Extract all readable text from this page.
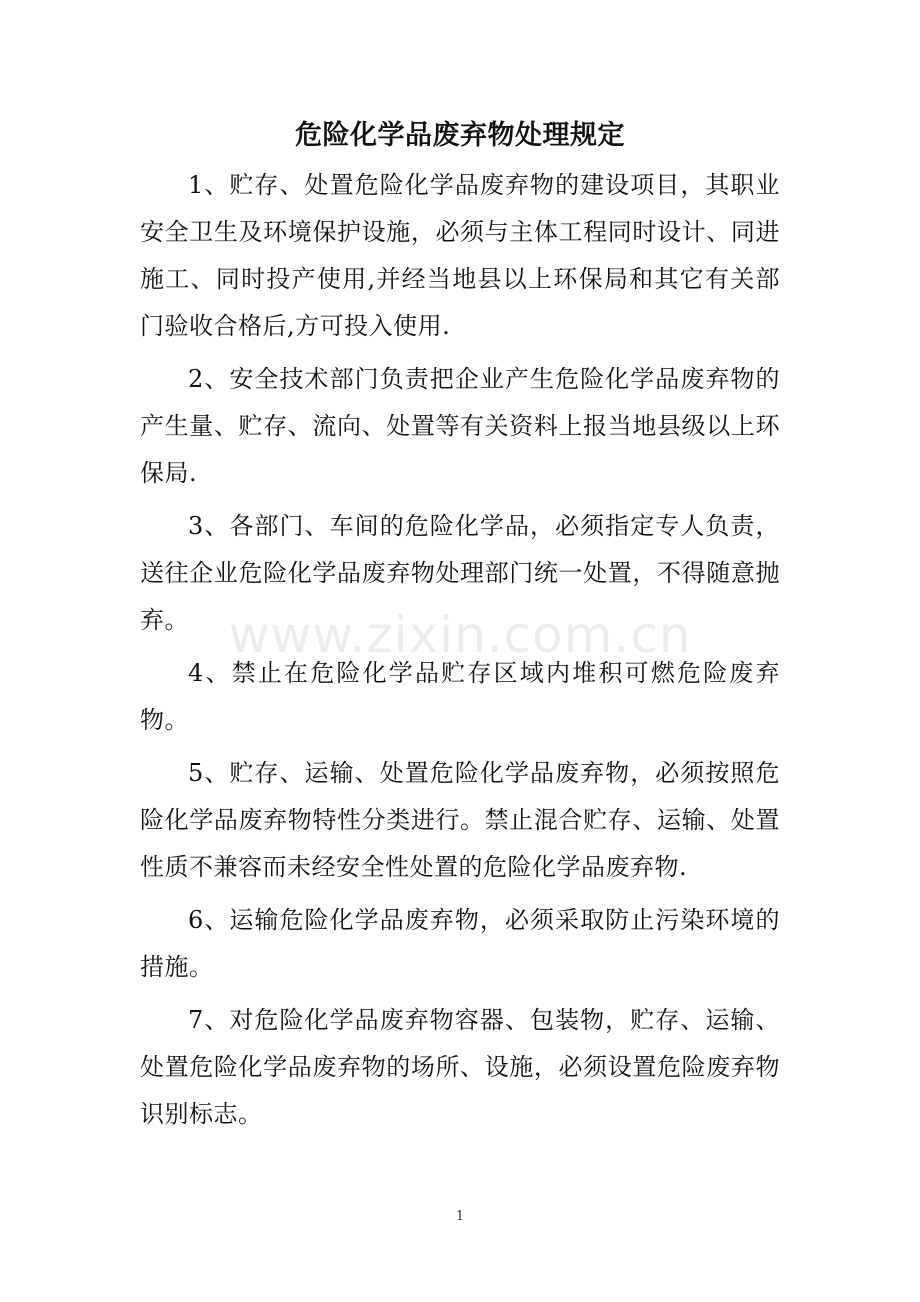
危险化学品废弃物处理规定

1、贮存、处置危险化学品废弃物的建设项目，其职业安全卫生及环境保护设施，必须与主体工程同时设计、同进施工、同时投产使用,并经当地县以上环保局和其它有关部门验收合格后,方可投入使用.

2、安全技术部门负责把企业产生危险化学品废弃物的产生量、贮存、流向、处置等有关资料上报当地县级以上环保局.

3、各部门、车间的危险化学品，必须指定专人负责，送往企业危险化学品废弃物处理部门统一处置，不得随意抛弃。

4、禁止在危险化学品贮存区域内堆积可燃危险废弃物。

5、贮存、运输、处置危险化学品废弃物，必须按照危险化学品废弃物特性分类进行。禁止混合贮存、运输、处置性质不兼容而未经安全性处置的危险化学品废弃物.

6、运输危险化学品废弃物，必须采取防止污染环境的措施。

7、对危险化学品废弃物容器、包装物，贮存、运输、处置危险化学品废弃物的场所、设施，必须设置危险废弃物识别标志。

www.zixin.com.cn
1
